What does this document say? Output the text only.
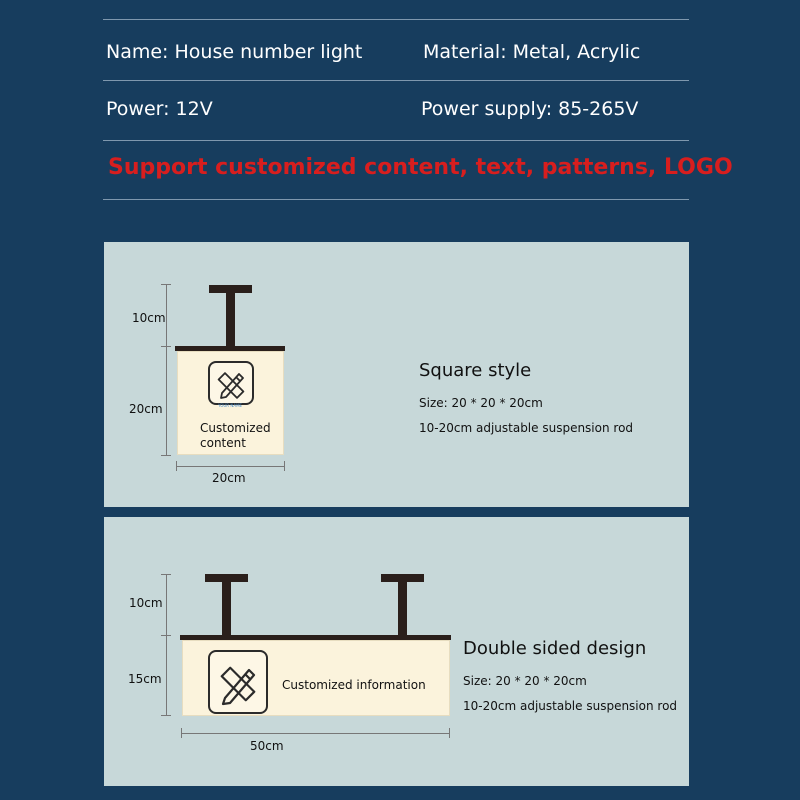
Name: House number light	Material: Metal, Acrylic
Power: 12V	Power supply: 85-265V
Support customized content, text, patterns, LOGO
10cm
20cm	YOUR NAME
Customized
content
20cm
Square style
Size: 20 * 20 * 20cm
10-20cm adjustable suspension rod
10cm
15cm	Customized information
50cm
Double sided design
Size: 20 * 20 * 20cm
10-20cm adjustable suspension rod
